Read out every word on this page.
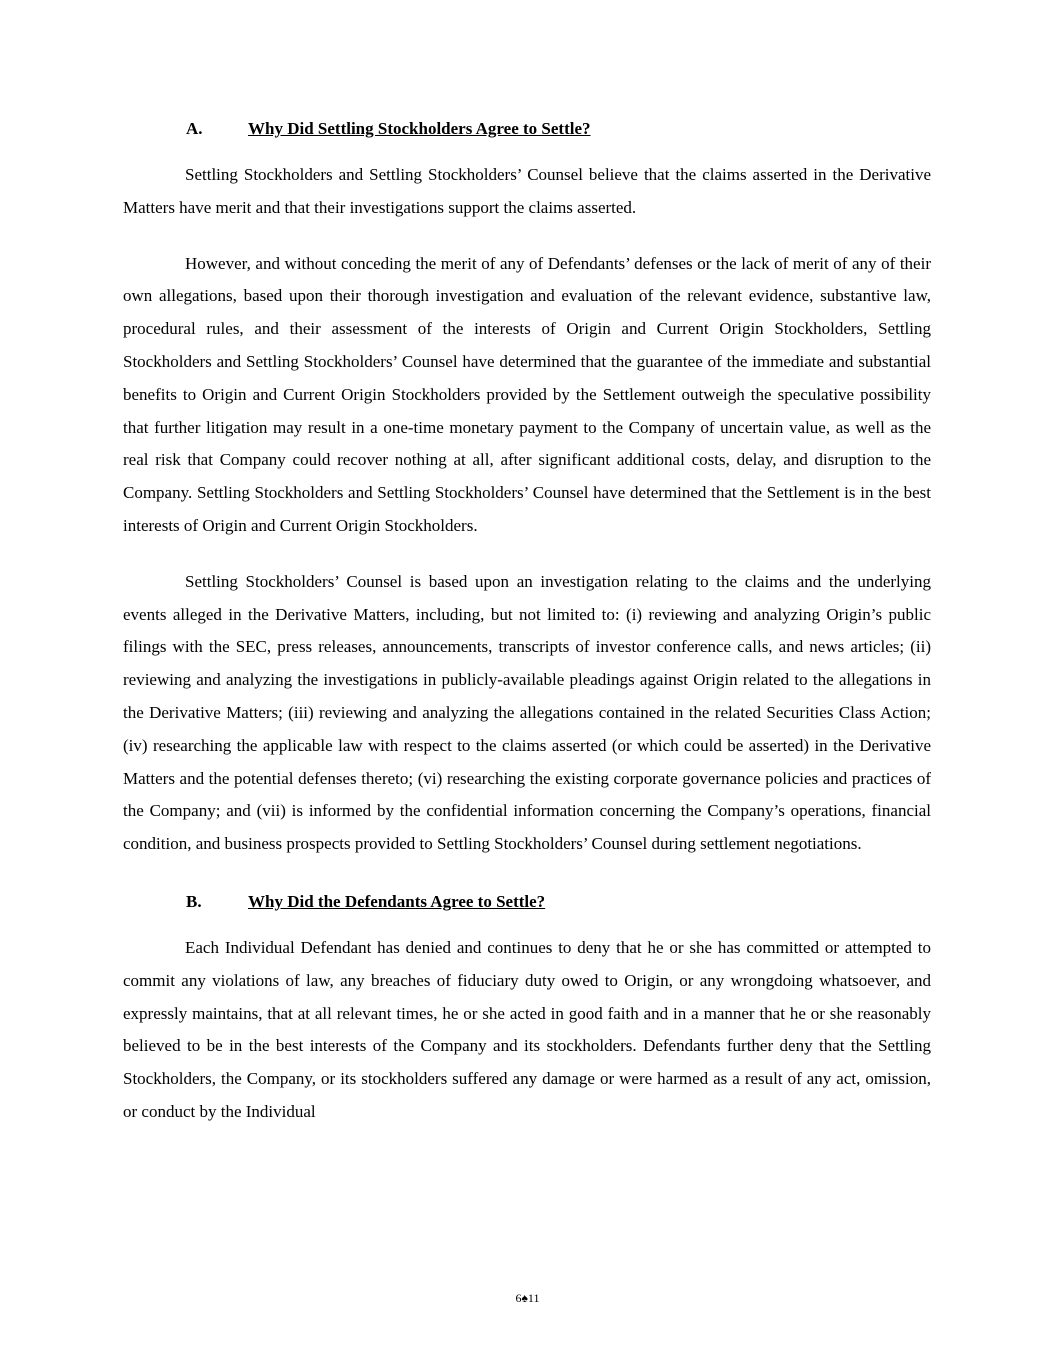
A.	Why Did Settling Stockholders Agree to Settle?

Settling Stockholders and Settling Stockholders’ Counsel believe that the claims asserted in the Derivative Matters have merit and that their investigations support the claims asserted.

However, and without conceding the merit of any of Defendants’ defenses or the lack of merit of any of their own allegations, based upon their thorough investigation and evaluation of the relevant evidence, substantive law, procedural rules, and their assessment of the interests of Origin and Current Origin Stockholders, Settling Stockholders and Settling Stockholders’ Counsel have determined that the guarantee of the immediate and substantial benefits to Origin and Current Origin Stockholders provided by the Settlement outweigh the speculative possibility that further litigation may result in a one-time monetary payment to the Company of uncertain value, as well as the real risk that Company could recover nothing at all, after significant additional costs, delay, and disruption to the Company. Settling Stockholders and Settling Stockholders’ Counsel have determined that the Settlement is in the best interests of Origin and Current Origin Stockholders.

Settling Stockholders’ Counsel is based upon an investigation relating to the claims and the underlying events alleged in the Derivative Matters, including, but not limited to: (i) reviewing and analyzing Origin’s public filings with the SEC, press releases, announcements, transcripts of investor conference calls, and news articles; (ii) reviewing and analyzing the investigations in publicly-available pleadings against Origin related to the allegations in the Derivative Matters; (iii) reviewing and analyzing the allegations contained in the related Securities Class Action; (iv) researching the applicable law with respect to the claims asserted (or which could be asserted) in the Derivative Matters and the potential defenses thereto; (vi) researching the existing corporate governance policies and practices of the Company; and (vii) is informed by the confidential information concerning the Company’s operations, financial condition, and business prospects provided to Settling Stockholders’ Counsel during settlement negotiations.

B.	Why Did the Defendants Agree to Settle?

Each Individual Defendant has denied and continues to deny that he or she has committed or attempted to commit any violations of law, any breaches of fiduciary duty owed to Origin, or any wrongdoing whatsoever, and expressly maintains, that at all relevant times, he or she acted in good faith and in a manner that he or she reasonably believed to be in the best interests of the Company and its stockholders. Defendants further deny that the Settling Stockholders, the Company, or its stockholders suffered any damage or were harmed as a result of any act, omission, or conduct by the Individual

6♠11
